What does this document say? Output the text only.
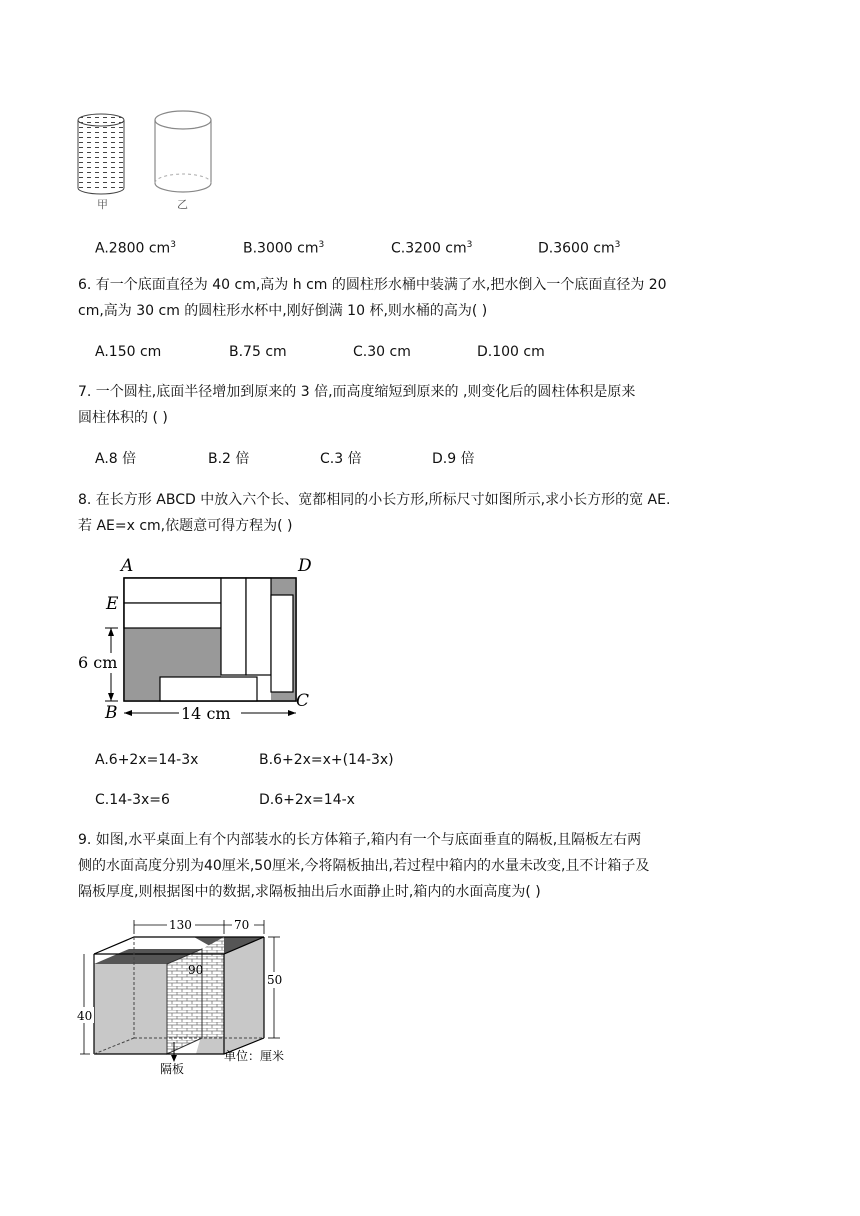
甲	乙
A.2800 $cm^3$	B.3000 $cm^3$	C.3200 $cm^3$	D.3600 $cm^3$
6. 有一个底面直径为 40 cm,高为 h cm 的圆柱形水桶中装满了水,把水倒入一个底面直径为 20
cm,高为 30 cm 的圆柱形水杯中,刚好倒满 10 杯,则水桶的高为( )
A.150 cm	B.75 cm	C.30 cm	D.100 cm
7. 一个圆柱,底面半径增加到原来的 3 倍,而高度缩短到原来的 ,则变化后的圆柱体积是原来
圆柱体积的 ( )
A.8 倍	B.2 倍	C.3 倍	D.9 倍
8. 在长方形 ABCD 中放入六个长、宽都相同的小长方形,所标尺寸如图所示,求小长方形的宽 AE.
若 AE=x cm,依题意可得方程为( )
A	D
E
B
C
6 cm
14 cm
A.6+2x=14-3x	B.6+2x=x+(14-3x)
C.14-3x=6	D.6+2x=14-x
9. 如图,水平桌面上有个内部装水的长方体箱子,箱内有一个与底面垂直的隔板,且隔板左右两
侧的水面高度分别为40厘米,50厘米,今将隔板抽出,若过程中箱内的水量未改变,且不计箱子及
隔板厚度,则根据图中的数据,求隔板抽出后水面静止时,箱内的水面高度为( )
130	70
90
40
50
隔板
单位：厘米
